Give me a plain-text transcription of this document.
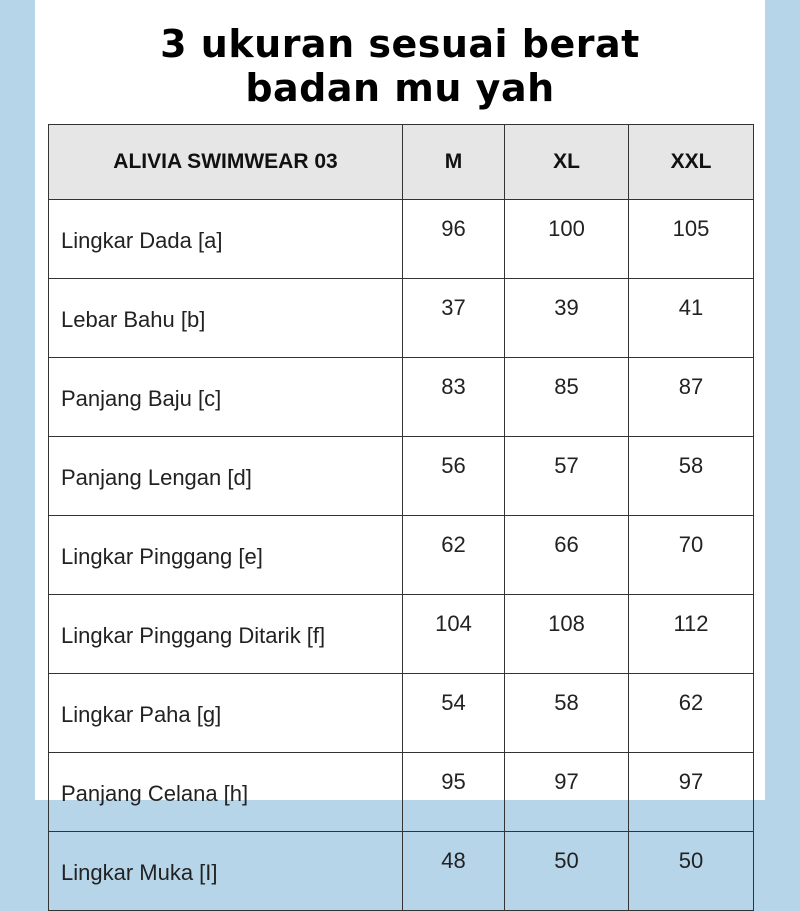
3 ukuran sesuai berat
badan mu yah
ALIVIA SWIMWEAR 03	M	XL	XXL
Lingkar Dada [a]	96	100	105
Lebar Bahu [b]	37	39	41
Panjang Baju [c]	83	85	87
Panjang Lengan [d]	56	57	58
Lingkar Pinggang [e]	62	66	70
Lingkar Pinggang Ditarik [f]	104	108	112
Lingkar Paha [g]	54	58	62
Panjang Celana [h]	95	97	97
Lingkar Muka [I]	48	50	50
